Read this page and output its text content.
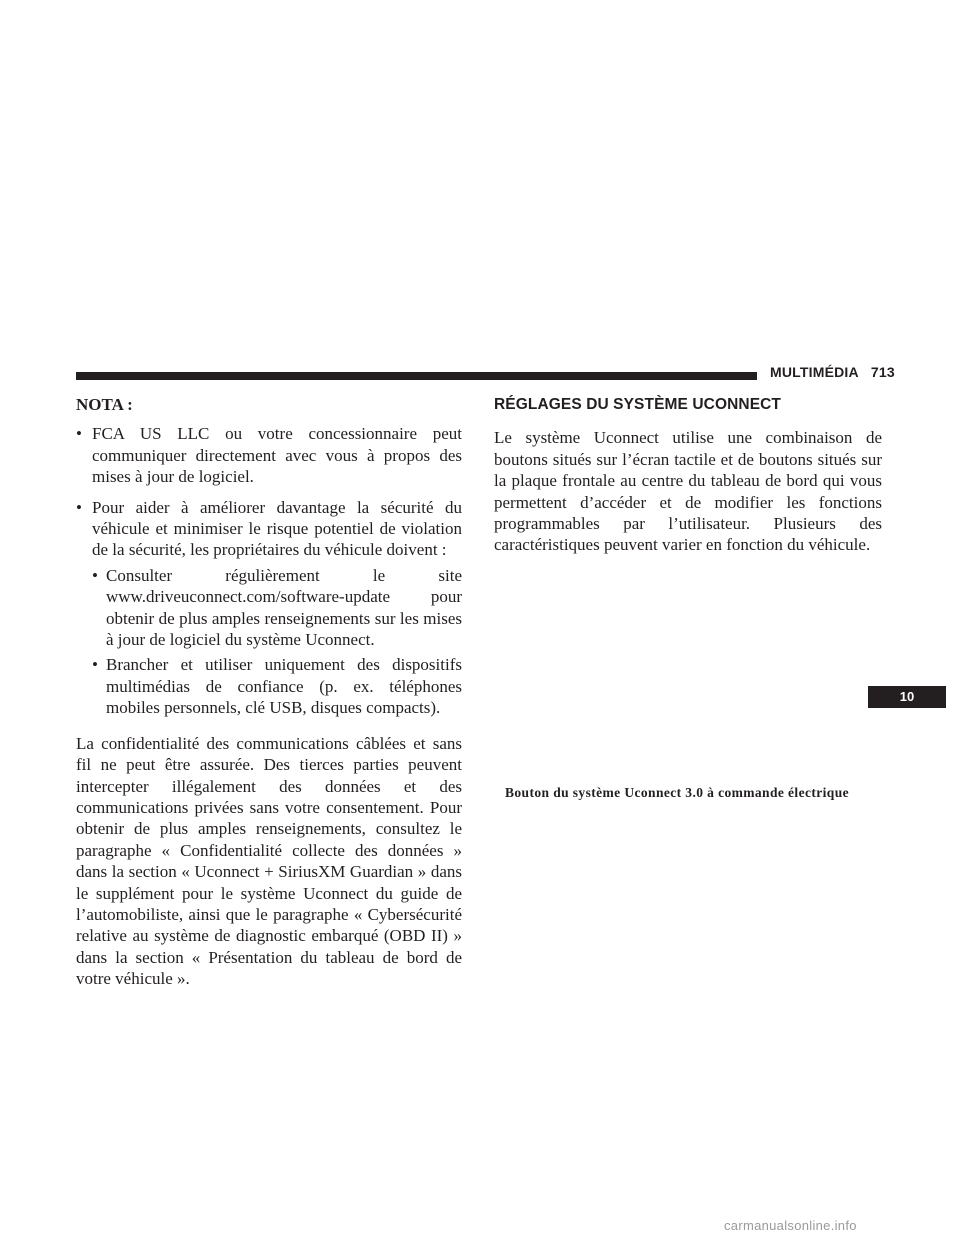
MULTIMÉDIA 713

NOTA :

• FCA US LLC ou votre concessionnaire peut communiquer directement avec vous à propos des mises à jour de logiciel.
• Pour aider à améliorer davantage la sécurité du véhicule et minimiser le risque potentiel de violation de la sécurité, les propriétaires du véhicule doivent :
• Consulter régulièrement le site www.driveuconnect.com/software-update pour obtenir de plus amples renseignements sur les mises à jour de logiciel du système Uconnect.
• Brancher et utiliser uniquement des dispositifs multimédias de confiance (p. ex. téléphones mobiles personnels, clé USB, disques compacts).

La confidentialité des communications câblées et sans fil ne peut être assurée. Des tierces parties peuvent intercepter illégalement des données et des communications privées sans votre consentement. Pour obtenir de plus amples renseignements, consultez le paragraphe « Confidentialité collecte des données » dans la section « Uconnect + SiriusXM Guardian » dans le supplément pour le système Uconnect du guide de l’automobiliste, ainsi que le paragraphe « Cybersécurité relative au système de diagnostic embarqué (OBD II) » dans la section « Présentation du tableau de bord de votre véhicule ».

RÉGLAGES DU SYSTÈME UCONNECT

Le système Uconnect utilise une combinaison de boutons situés sur l’écran tactile et de boutons situés sur la plaque frontale au centre du tableau de bord qui vous permettent d’accéder et de modifier les fonctions programmables par l’utilisateur. Plusieurs des caractéristiques peuvent varier en fonction du véhicule.

Bouton du système Uconnect 3.0 à commande électrique
10
carmanualsonline.info
